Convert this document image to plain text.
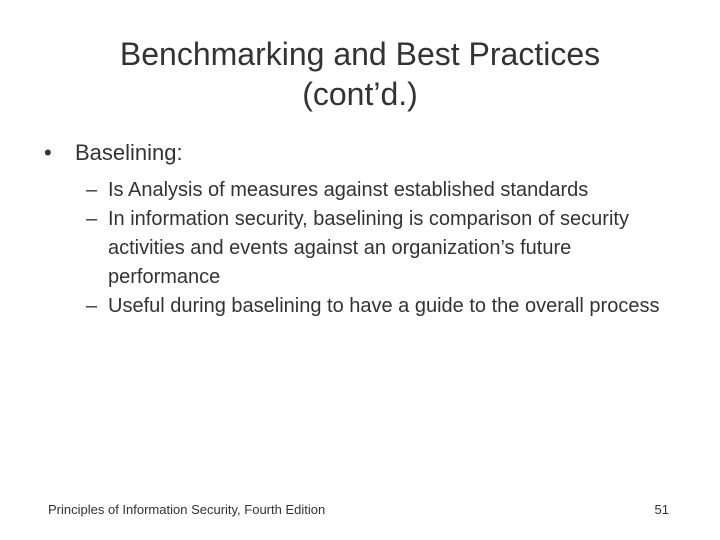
Benchmarking and Best Practices
(cont’d.)
• Baselining:
– Is Analysis of measures against established standards
– In information security, baselining is comparison of security activities and events against an organization’s future performance
– Useful during baselining to have a guide to the overall process
Principles of Information Security, Fourth Edition	51
